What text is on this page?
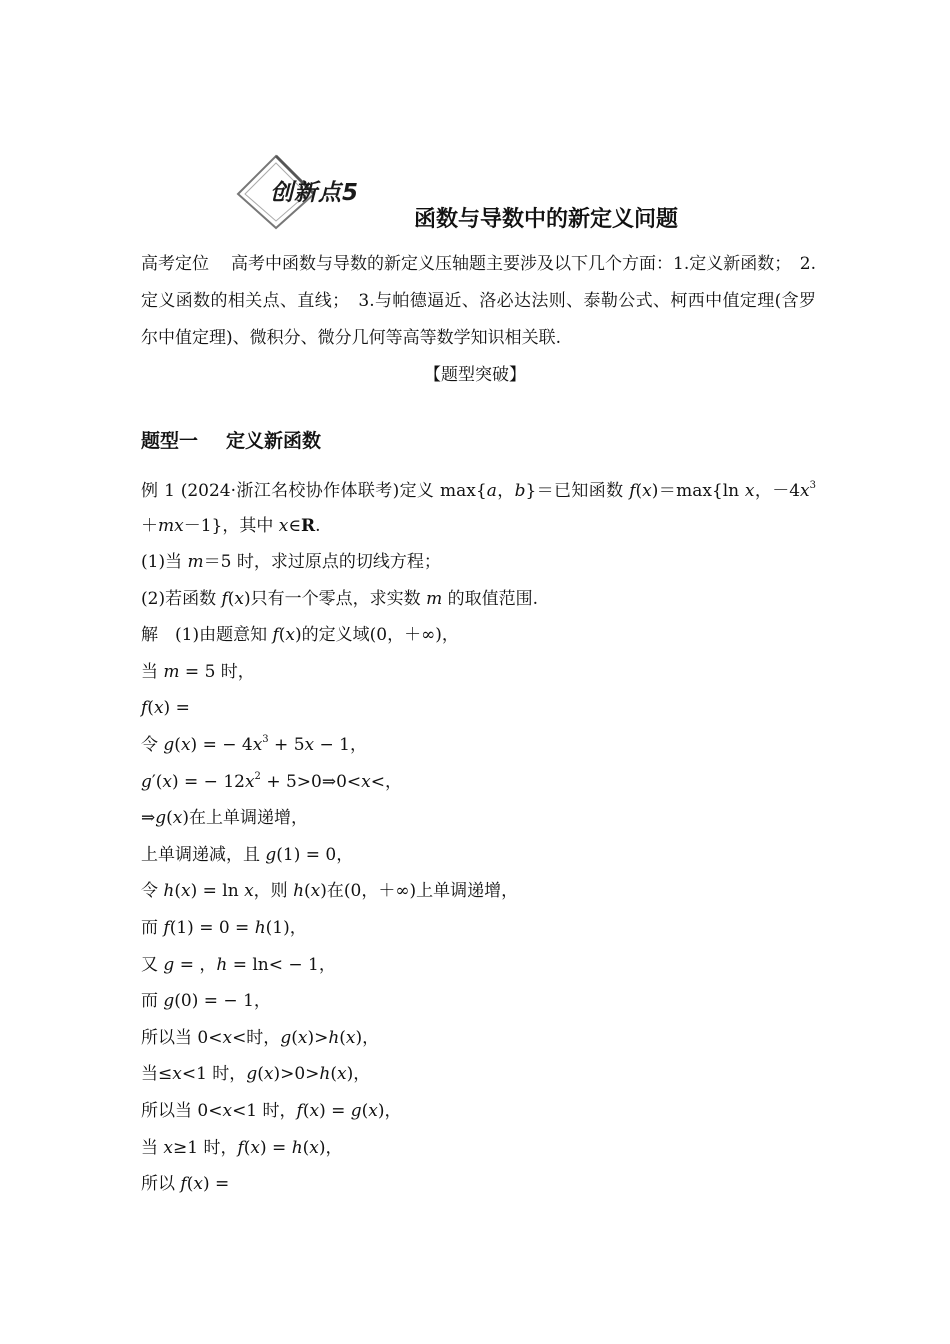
创新点5
函数与导数中的新定义问题
高考定位 高考中函数与导数的新定义压轴题主要涉及以下几个方面：1.定义新函数；　2.定义函数的相关点、直线；　3.与帕德逼近、洛必达法则、泰勒公式、柯西中值定理(含罗尔中值定理)、微积分、微分几何等高等数学知识相关联.
【题型突破】
题型一 定义新函数
例 1 (2024·浙江名校协作体联考)定义 max{a，b}＝已知函数 f(x)＝max{ln x，$-4x^3+mx-1$}，其中 x∈R.
(1)当 m＝5 时，求过原点的切线方程；
(2)若函数 f(x)只有一个零点，求实数 m 的取值范围.
解　(1)由题意知 f(x)的定义域(0，＋∞)，
当 m = 5 时，
f(x) =
令 g(x) = − $4x^3 + 5x - 1$，
g′(x) = − $12x^2$ + 5>0⇒0<x<，
⇒g(x)在上单调递增，
上单调递减，且 g(1) = 0，
令 h(x) = ln x，则 h(x)在(0，＋∞)上单调递增，
而 f(1) = 0 = h(1)，
又 g = ，h = ln< − 1，
而 g(0) = − 1，
所以当 0<x<时，g(x)>h(x)，
当≤x<1 时，g(x)>0>h(x)，
所以当 0<x<1 时，f(x) = g(x)，
当 x≥1 时，f(x) = h(x)，
所以 f(x) =
